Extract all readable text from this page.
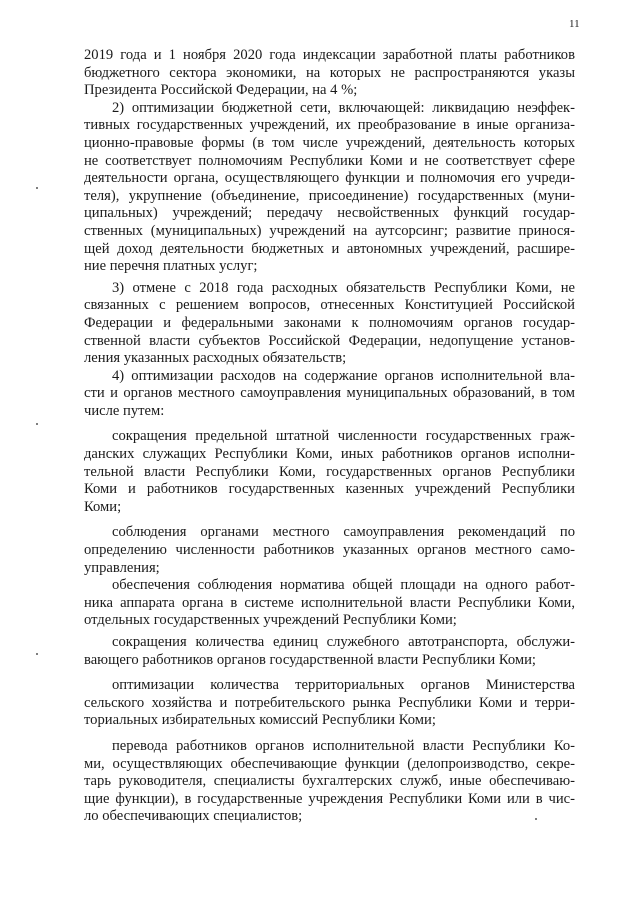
11
2019 года и 1 ноября 2020 года индексации заработной платы работников
бюджетного сектора экономики, на которых не распространяются указы
Президента Российской Федерации, на 4 %;
2) оптимизации бюджетной сети, включающей: ликвидацию неэффек-
тивных государственных учреждений, их преобразование в иные организа-
ционно-правовые формы (в том числе учреждений, деятельность которых
не соответствует полномочиям Республики Коми и не соответствует сфере
деятельности органа, осуществляющего функции и полномочия его учреди-
теля), укрупнение (объединение, присоединение) государственных (муни-
ципальных) учреждений; передачу несвойственных функций государ-
ственных (муниципальных) учреждений на аутсорсинг; развитие принося-
щей доход деятельности бюджетных и автономных учреждений, расшире-
ние перечня платных услуг;
3) отмене с 2018 года расходных обязательств Республики Коми, не
связанных с решением вопросов, отнесенных Конституцией Российской
Федерации и федеральными законами к полномочиям органов государ-
ственной власти субъектов Российской Федерации, недопущение установ-
ления указанных расходных обязательств;
4) оптимизации расходов на содержание органов исполнительной вла-
сти и органов местного самоуправления муниципальных образований, в том
числе путем:
сокращения предельной штатной численности государственных граж-
данских служащих Республики Коми, иных работников органов исполни-
тельной власти Республики Коми, государственных органов Республики
Коми и работников государственных казенных учреждений Республики
Коми;
соблюдения органами местного самоуправления рекомендаций по
определению численности работников указанных органов местного само-
управления;
обеспечения соблюдения норматива общей площади на одного работ-
ника аппарата органа в системе исполнительной власти Республики Коми,
отдельных государственных учреждений Республики Коми;
сокращения количества единиц служебного автотранспорта, обслужи-
вающего работников органов государственной власти Республики Коми;
оптимизации количества территориальных органов Министерства
сельского хозяйства и потребительского рынка Республики Коми и терри-
ториальных избирательных комиссий Республики Коми;
перевода работников органов исполнительной власти Республики Ко-
ми, осуществляющих обеспечивающие функции (делопроизводство, секре-
тарь руководителя, специалисты бухгалтерских служб, иные обеспечиваю-
щие функции), в государственные учреждения Республики Коми или в чис-
ло обеспечивающих специалистов;
